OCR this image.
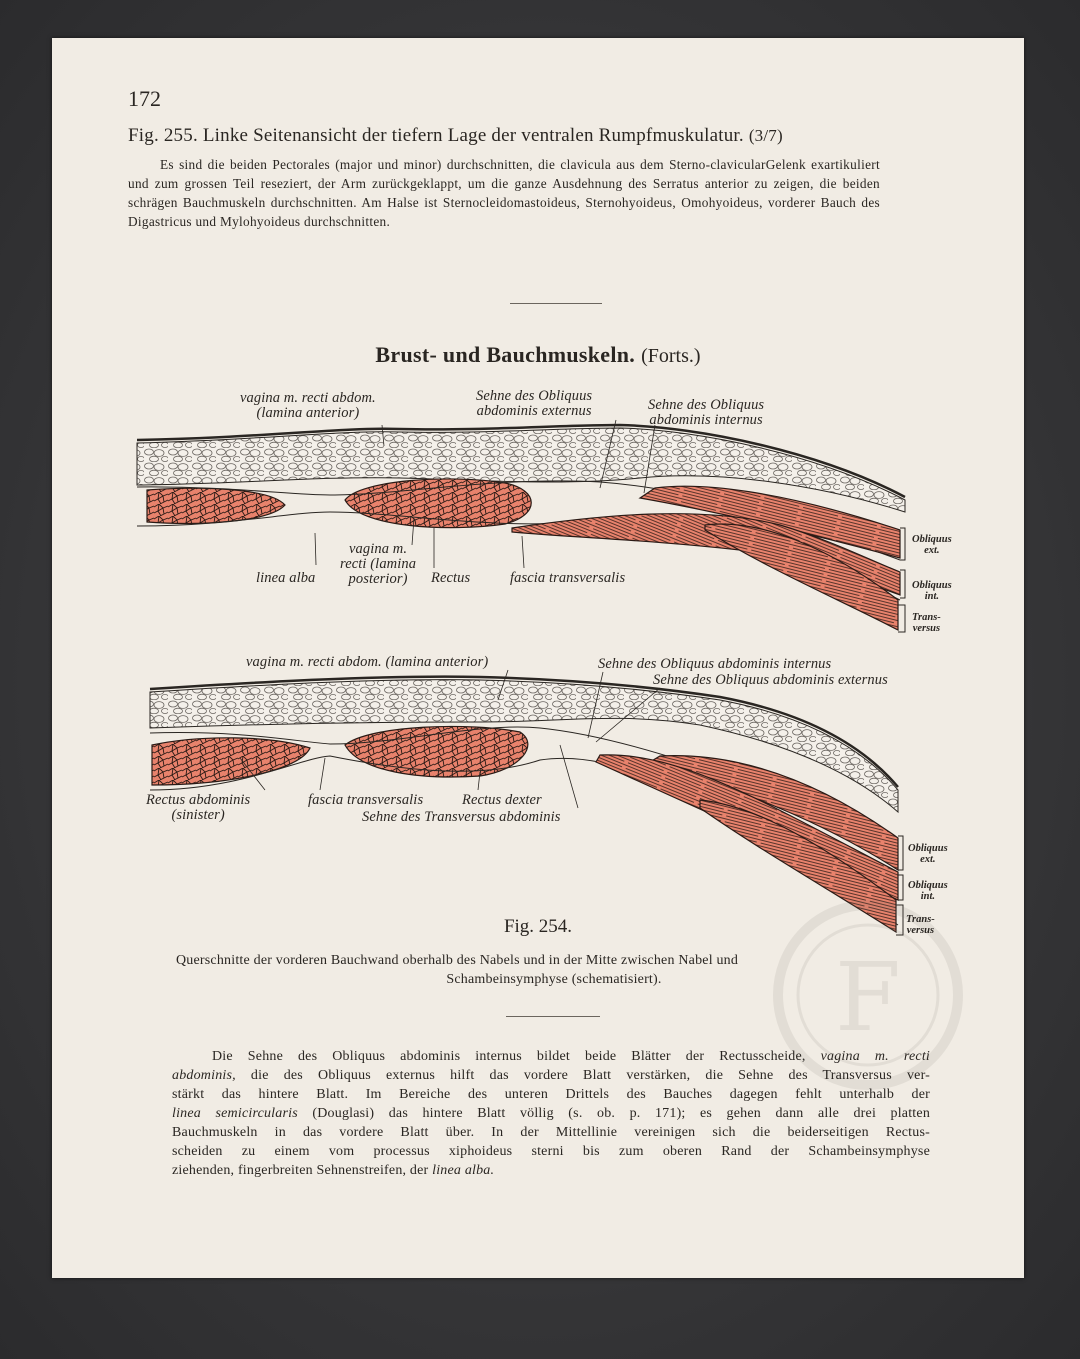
172
Fig. 255. Linke Seitenansicht der tiefern Lage der ventralen Rumpfmuskulatur. (3/7)
Es sind die beiden Pectorales (major und minor) durchschnitten, die clavicula aus dem Sterno-clavicularGelenk exartikuliert und zum grossen Teil reseziert, der Arm zurückgeklappt, um die ganze Ausdehnung des Serratus anterior zu zeigen, die beiden schrägen Bauchmuskeln durchschnitten. Am Halse ist Sternocleidomastoideus, Sternohyoideus, Omohyoideus, vorderer Bauch des Digastricus und Mylohyoideus durchschnitten.
Brust- und Bauchmuskeln. (Forts.)
F
vagina m. recti abdom.
(lamina anterior)
Sehne des Obliquus
abdominis externus	Sehne des Obliquus
abdominis internus
vagina m.
recti (lamina
posterior)
linea alba	Rectus	fascia transversalis
Obliquus
ext.
Obliquus
int.
Trans-
versus
vagina m. recti abdom. (lamina anterior)	Sehne des Obliquus abdominis internus
Sehne des Obliquus abdominis externus
Rectus abdominis
(sinister)
fascia transversalis	Rectus dexter
Sehne des Transversus abdominis
Obliquus
ext.
Obliquus
int.
Trans-
versus
Fig. 254.
Querschnitte der vorderen Bauchwand oberhalb des Nabels und in der Mitte zwischen Nabel und
Schambeinsymphyse (schematisiert).
Die Sehne des Obliquus abdominis internus bildet beide Blätter der Rectusscheide, vagina m. recti
abdominis, die des Obliquus externus hilft das vordere Blatt verstärken, die Sehne des Transversus ver-
stärkt das hintere Blatt. Im Bereiche des unteren Drittels des Bauches dagegen fehlt unterhalb der
linea semicircularis (Douglasi) das hintere Blatt völlig (s. ob. p. 171); es gehen dann alle drei platten
Bauchmuskeln in das vordere Blatt über. In der Mittellinie vereinigen sich die beiderseitigen Rectus-
scheiden zu einem vom processus xiphoideus sterni bis zum oberen Rand der Schambeinsymphyse
ziehenden, fingerbreiten Sehnenstreifen, der linea alba.
